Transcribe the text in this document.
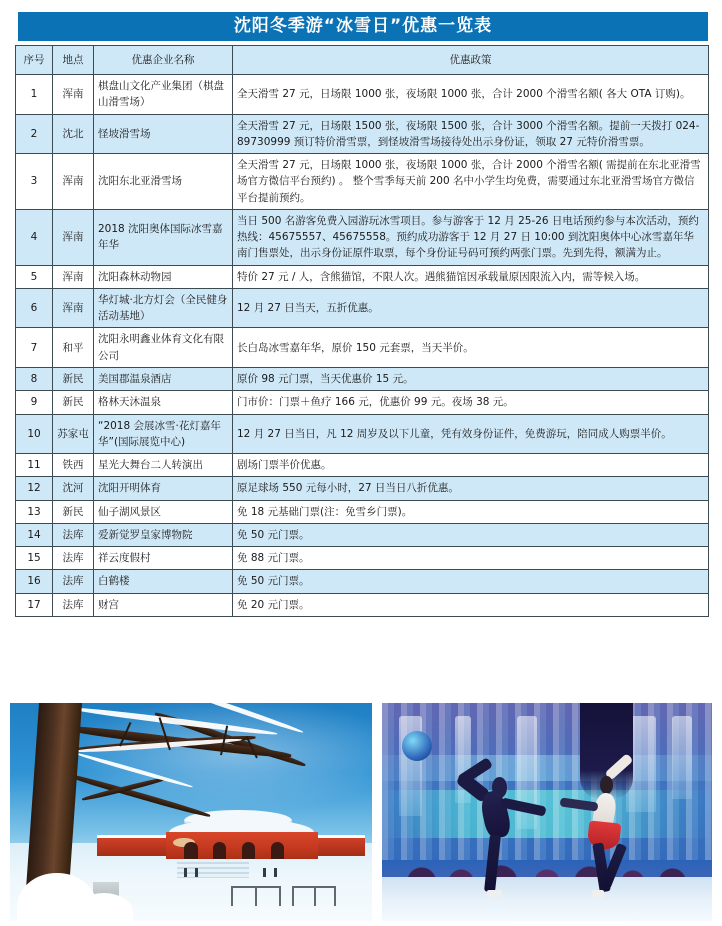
沈阳冬季游“冰雪日”优惠一览表
序号	地点	优惠企业名称	优惠政策
1	浑南	棋盘山文化产业集团（棋盘山滑雪场）	全天滑雪 27 元，日场限 1000 张，夜场限 1000 张，合计 2000 个滑雪名额( 各大 OTA 订购)。
2	沈北	怪坡滑雪场	全天滑雪 27 元，日场限 1500 张，夜场限 1500 张，合计 3000 个滑雪名额。提前一天拨打 024-89730999 预订特价滑雪票，到怪坡滑雪场接待处出示身份证，领取 27 元特价滑雪票。
3	浑南	沈阳东北亚滑雪场	全天滑雪 27 元，日场限 1000 张，夜场限 1000 张，合计 2000 个滑雪名额( 需提前在东北亚滑雪场官方微信平台预约) 。 整个雪季每天前 200 名中小学生均免费，需要通过东北亚滑雪场官方微信平台提前预约。
4	浑南	2018 沈阳奥体国际冰雪嘉年华	当日 500 名游客免费入园游玩冰雪项目。参与游客于 12 月 25-26 日电话预约参与本次活动，预约热线：45675557、45675558。预约成功游客于 12 月 27 日 10:00 到沈阳奥体中心冰雪嘉年华南门售票处，出示身份证原件取票，每个身份证号码可预约两张门票。先到先得，额满为止。
5	浑南	沈阳森林动物园	特价 27 元 / 人，含熊猫馆，不限人次。遇熊猫馆因承载量原因限流入内，需等候入场。
6	浑南	华灯城·北方灯会（全民健身活动基地）	12 月 27 日当天，五折优惠。
7	和平	沈阳永明鑫业体育文化有限公司	长白岛冰雪嘉年华，原价 150 元套票，当天半价。
8	新民	美国郡温泉酒店	原价 98 元门票，当天优惠价 15 元。
9	新民	格林天沐温泉	门市价：门票＋鱼疗 166 元，优惠价 99 元。夜场 38 元。
10	苏家屯	“2018 会展冰雪·花灯嘉年华”(国际展览中心)	12 月 27 日当日，凡 12 周岁及以下儿童，凭有效身份证件，免费游玩，陪同成人购票半价。
11	铁西	星光大舞台二人转演出	剧场门票半价优惠。
12	沈河	沈阳开明体育	原足球场 550 元每小时，27 日当日八折优惠。
13	新民	仙子湖风景区	免 18 元基础门票(注：免雪乡门票)。
14	法库	爱新觉罗皇家博物院	免 50 元门票。
15	法库	祥云度假村	免 88 元门票。
16	法库	白鹤楼	免 50 元门票。
17	法库	财宫	免 20 元门票。
